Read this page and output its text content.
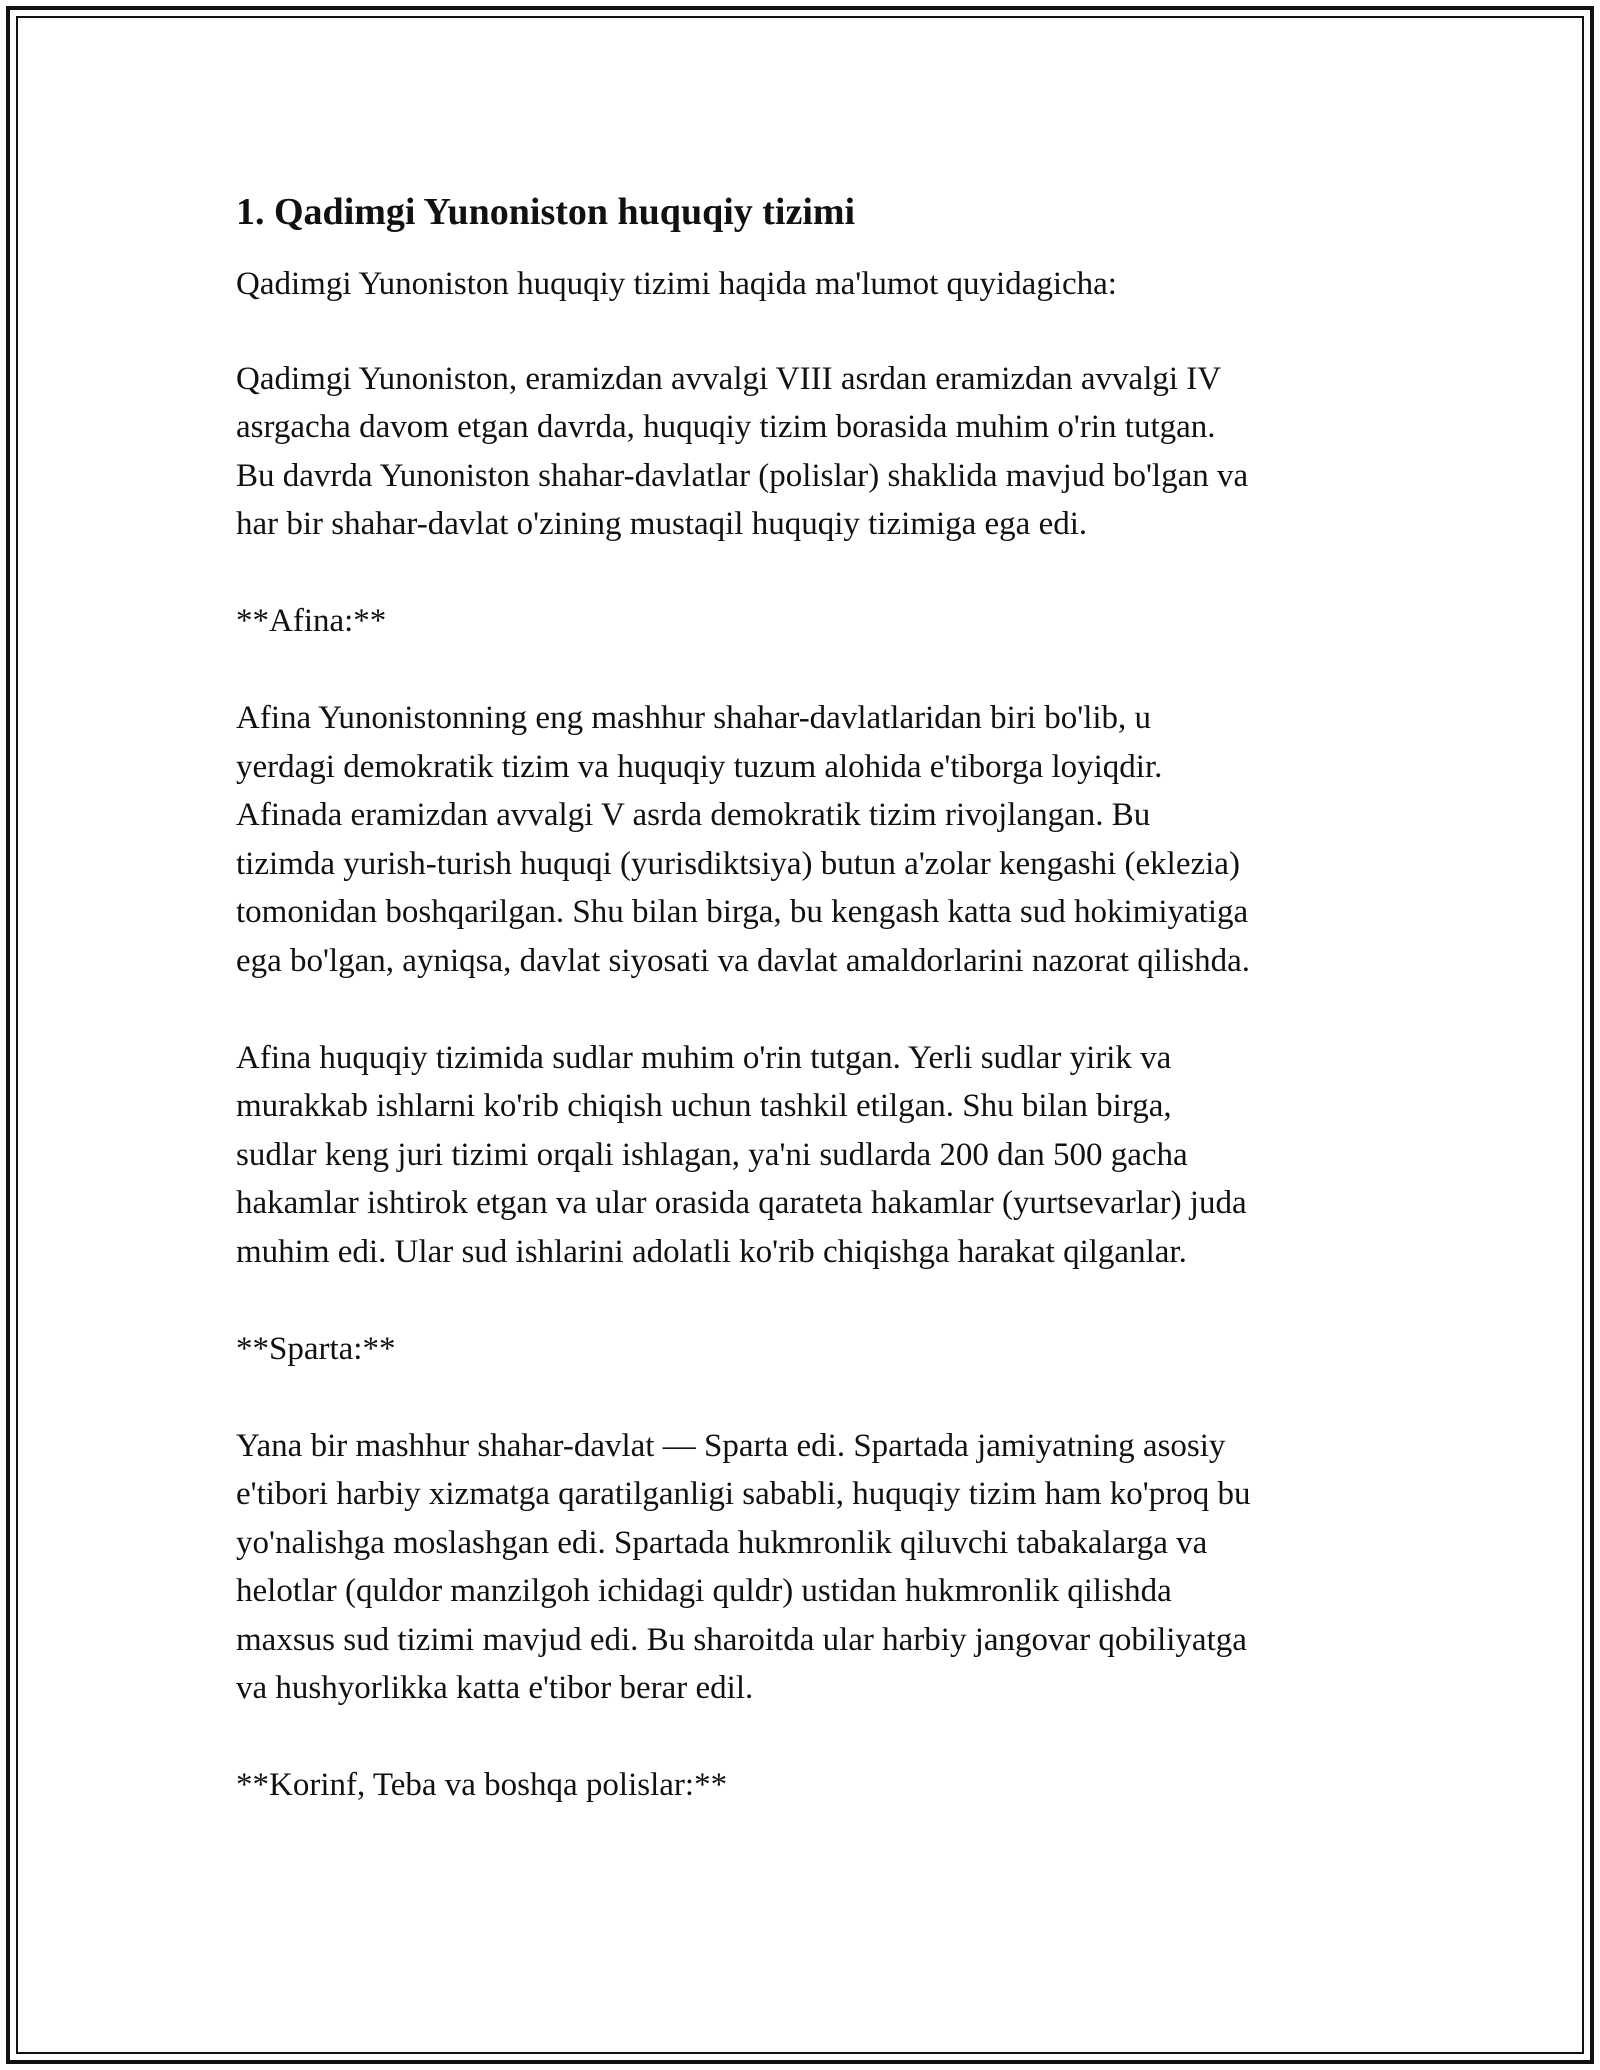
1. Qadimgi Yunoniston huquqiy tizimi

Qadimgi Yunoniston huquqiy tizimi haqida ma'lumot quyidagicha:

Qadimgi Yunoniston, eramizdan avvalgi VIII asrdan eramizdan avvalgi IV
asrgacha davom etgan davrda, huquqiy tizim borasida muhim o'rin tutgan.
Bu davrda Yunoniston shahar-davlatlar (polislar) shaklida mavjud bo'lgan va
har bir shahar-davlat o'zining mustaqil huquqiy tizimiga ega edi.

**Afina:**

Afina Yunonistonning eng mashhur shahar-davlatlaridan biri bo'lib, u
yerdagi demokratik tizim va huquqiy tuzum alohida e'tiborga loyiqdir.
Afinada eramizdan avvalgi V asrda demokratik tizim rivojlangan. Bu
tizimda yurish-turish huquqi (yurisdiktsiya) butun a'zolar kengashi (eklezia)
tomonidan boshqarilgan. Shu bilan birga, bu kengash katta sud hokimiyatiga
ega bo'lgan, ayniqsa, davlat siyosati va davlat amaldorlarini nazorat qilishda.

Afina huquqiy tizimida sudlar muhim o'rin tutgan. Yerli sudlar yirik va
murakkab ishlarni ko'rib chiqish uchun tashkil etilgan. Shu bilan birga,
sudlar keng juri tizimi orqali ishlagan, ya'ni sudlarda 200 dan 500 gacha
hakamlar ishtirok etgan va ular orasida qarateta hakamlar (yurtsevarlar) juda
muhim edi. Ular sud ishlarini adolatli ko'rib chiqishga harakat qilganlar.

**Sparta:**

Yana bir mashhur shahar-davlat — Sparta edi. Spartada jamiyatning asosiy
e'tibori harbiy xizmatga qaratilganligi sababli, huquqiy tizim ham ko'proq bu
yo'nalishga moslashgan edi. Spartada hukmronlik qiluvchi tabakalarga va
helotlar (quldor manzilgoh ichidagi quldr) ustidan hukmronlik qilishda
maxsus sud tizimi mavjud edi. Bu sharoitda ular harbiy jangovar qobiliyatga
va hushyorlikka katta e'tibor berar edil.

**Korinf, Teba va boshqa polislar:**
